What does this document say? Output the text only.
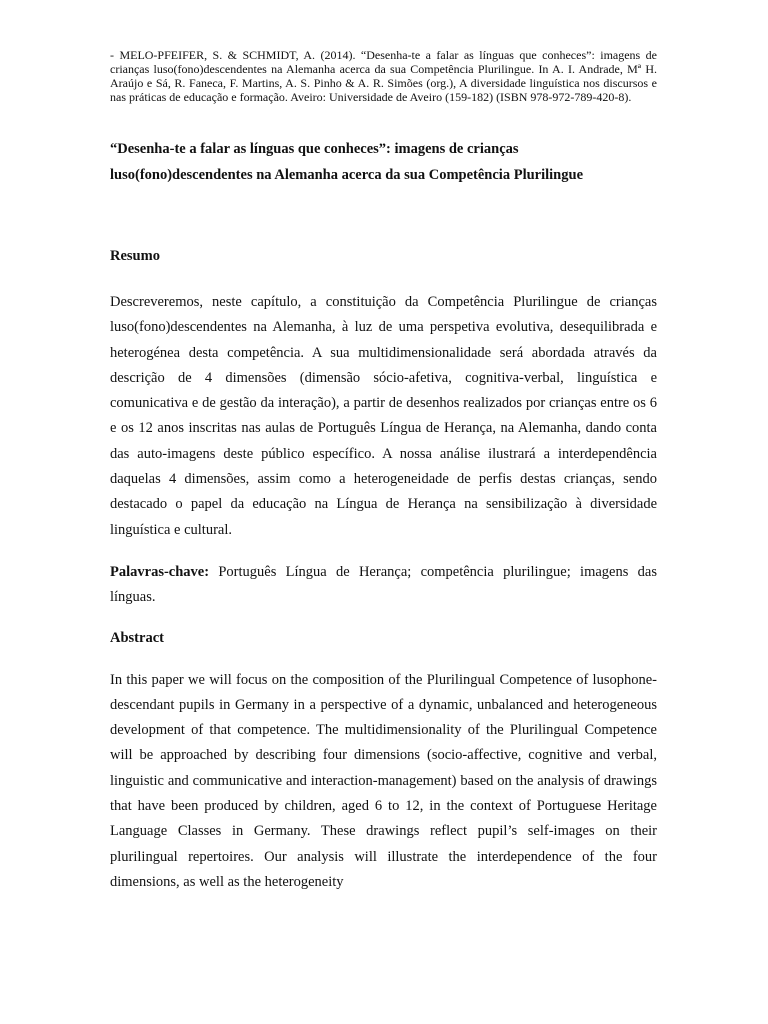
- MELO-PFEIFER, S. & SCHMIDT, A. (2014). “Desenha-te a falar as línguas que conheces”: imagens de crianças luso(fono)descendentes na Alemanha acerca da sua Competência Plurilingue. In A. I. Andrade, Mª H. Araújo e Sá, R. Faneca, F. Martins, A. S. Pinho & A. R. Simões (org.), A diversidade linguística nos discursos e nas práticas de educação e formação. Aveiro: Universidade de Aveiro (159-182) (ISBN 978-972-789-420-8).

“Desenha-te a falar as línguas que conheces”: imagens de crianças luso(fono)descendentes na Alemanha acerca da sua Competência Plurilingue

Resumo

Descreveremos, neste capítulo, a constituição da Competência Plurilingue de crianças luso(fono)descendentes na Alemanha, à luz de uma perspetiva evolutiva, desequilibrada e heterogénea desta competência. A sua multidimensionalidade será abordada através da descrição de 4 dimensões (dimensão sócio-afetiva, cognitiva-verbal, linguística e comunicativa e de gestão da interação), a partir de desenhos realizados por crianças entre os 6 e os 12 anos inscritas nas aulas de Português Língua de Herança, na Alemanha, dando conta das auto-imagens deste público específico. A nossa análise ilustrará a interdependência daquelas 4 dimensões, assim como a heterogeneidade de perfis destas crianças, sendo destacado o papel da educação na Língua de Herança na sensibilização à diversidade linguística e cultural.

Palavras-chave: Português Língua de Herança; competência plurilingue; imagens das línguas.

Abstract

In this paper we will focus on the composition of the Plurilingual Competence of lusophone-descendant pupils in Germany in a perspective of a dynamic, unbalanced and heterogeneous development of that competence. The multidimensionality of the Plurilingual Competence will be approached by describing four dimensions (socio-affective, cognitive and verbal, linguistic and communicative and interaction-management) based on the analysis of drawings that have been produced by children, aged 6 to 12, in the context of Portuguese Heritage Language Classes in Germany. These drawings reflect pupil’s self-images on their plurilingual repertoires. Our analysis will illustrate the interdependence of the four dimensions, as well as the heterogeneity
